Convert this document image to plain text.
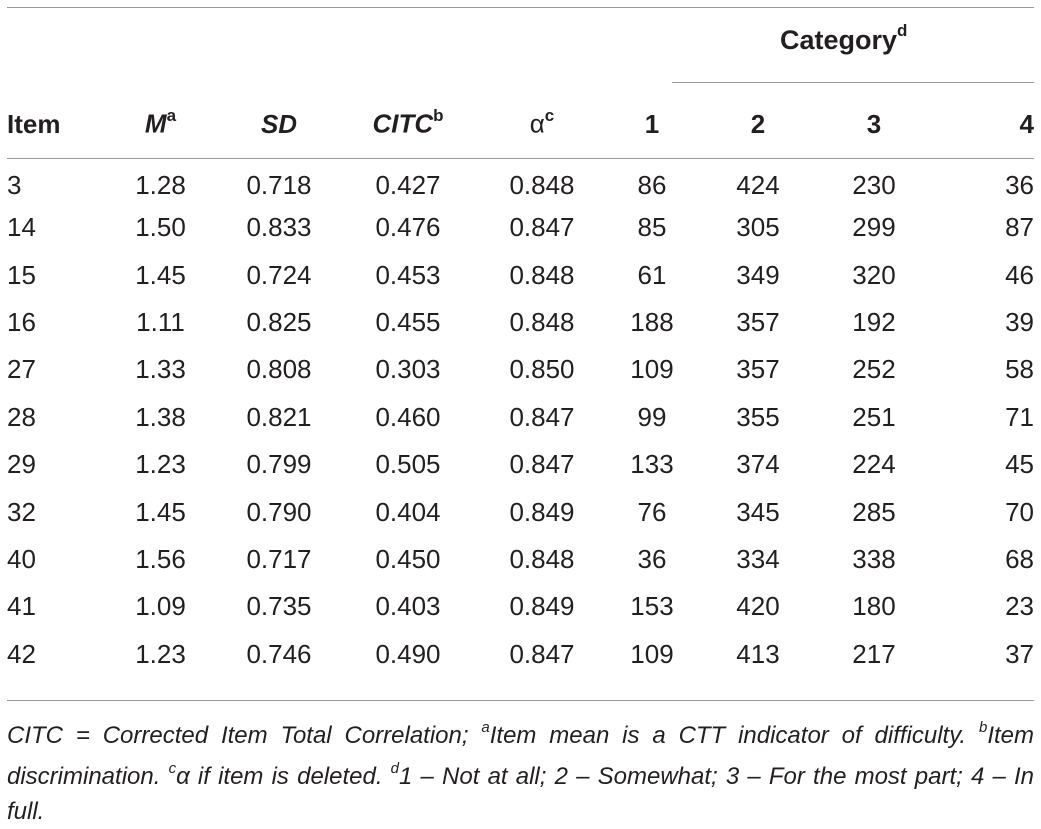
Category$^d$
Item	$M^a$	SD	CITC$^b$	$\alpha^c$	1	2	3	4
3	1.28	0.718	0.427	0.848	86	424	230	36
14	1.50	0.833	0.476	0.847	85	305	299	87
15	1.45	0.724	0.453	0.848	61	349	320	46
16	1.11	0.825	0.455	0.848	188	357	192	39
27	1.33	0.808	0.303	0.850	109	357	252	58
28	1.38	0.821	0.460	0.847	99	355	251	71
29	1.23	0.799	0.505	0.847	133	374	224	45
32	1.45	0.790	0.404	0.849	76	345	285	70
40	1.56	0.717	0.450	0.848	36	334	338	68
41	1.09	0.735	0.403	0.849	153	420	180	23
42	1.23	0.746	0.490	0.847	109	413	217	37
CITC = Corrected Item Total Correlation; $^a$Item mean is a CTT indicator of difficulty. $^b$Item discrimination. $^c$α if item is deleted. $^d$1 – Not at all; 2 – Somewhat; 3 – For the most part; 4 – In full.
